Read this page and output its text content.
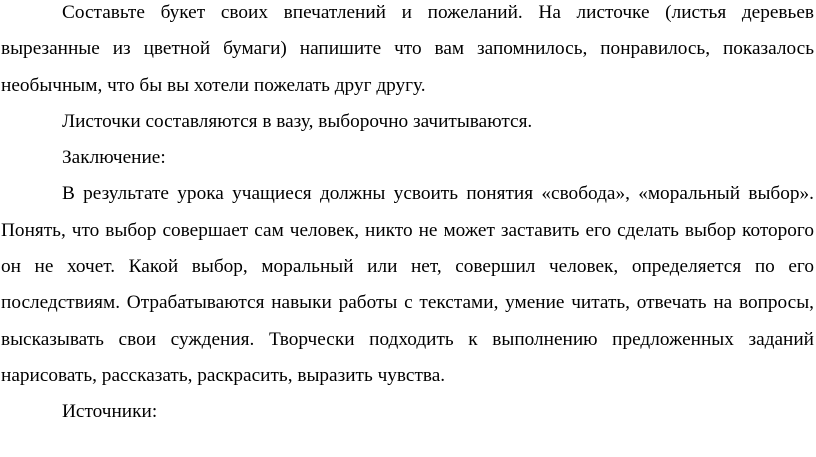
Составьте букет своих впечатлений и пожеланий. На листочке (листья деревьев вырезанные из цветной бумаги) напишите что вам запомнилось, понравилось, показалось необычным, что бы вы хотели пожелать друг другу.

Листочки составляются в вазу, выборочно зачитываются.

Заключение:

В результате урока учащиеся должны усвоить понятия «свобода», «моральный выбор». Понять, что выбор совершает сам человек, никто не может заставить его сделать выбор которого он не хочет. Какой выбор, моральный или нет, совершил человек, определяется по его последствиям. Отрабатываются навыки работы с текстами, умение читать, отвечать на вопросы, высказывать свои суждения. Творчески подходить к выполнению предложенных заданий нарисовать, рассказать, раскрасить, выразить чувства.

Источники:
